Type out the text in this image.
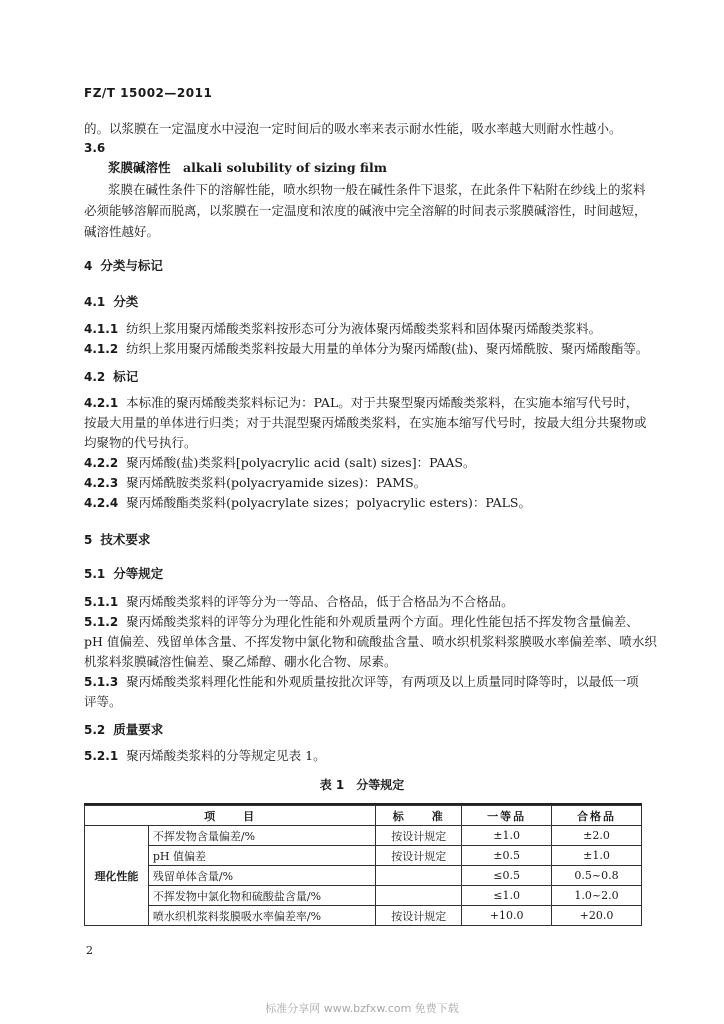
FZ/T 15002—2011
的。以浆膜在一定温度水中浸泡一定时间后的吸水率来表示耐水性能，吸水率越大则耐水性越小。
3.6
浆膜碱溶性　alkali solubility of sizing film
浆膜在碱性条件下的溶解性能，喷水织物一般在碱性条件下退浆，在此条件下粘附在纱线上的浆料
必须能够溶解而脱离，以浆膜在一定温度和浓度的碱液中完全溶解的时间表示浆膜碱溶性，时间越短，
碱溶性越好。
4 分类与标记
4.1 分类
4.1.1 纺织上浆用聚丙烯酸类浆料按形态可分为液体聚丙烯酸类浆料和固体聚丙烯酸类浆料。
4.1.2 纺织上浆用聚丙烯酸类浆料按最大用量的单体分为聚丙烯酸(盐)、聚丙烯酰胺、聚丙烯酸酯等。
4.2 标记
4.2.1 本标准的聚丙烯酸类浆料标记为：PAL。对于共聚型聚丙烯酸类浆料，在实施本缩写代号时，
按最大用量的单体进行归类；对于共混型聚丙烯酸类浆料，在实施本缩写代号时，按最大组分共聚物或
均聚物的代号执行。
4.2.2 聚丙烯酸(盐)类浆料[polyacrylic acid (salt) sizes]：PAAS。
4.2.3 聚丙烯酰胺类浆料(polyacryamide sizes)：PAMS。
4.2.4 聚丙烯酸酯类浆料(polyacrylate sizes；polyacrylic esters)：PALS。
5 技术要求
5.1 分等规定
5.1.1 聚丙烯酸类浆料的评等分为一等品、合格品，低于合格品为不合格品。
5.1.2 聚丙烯酸类浆料的评等分为理化性能和外观质量两个方面。理化性能包括不挥发物含量偏差、
pH 值偏差、残留单体含量、不挥发物中氯化物和硫酸盐含量、喷水织机浆料浆膜吸水率偏差率、喷水织
机浆料浆膜碱溶性偏差、聚乙烯醇、硼水化合物、尿素。
5.1.3 聚丙烯酸类浆料理化性能和外观质量按批次评等，有两项及以上质量同时降等时，以最低一项
评等。
5.2 质量要求
5.2.1 聚丙烯酸类浆料的分等规定见表 1。
表 1　分等规定
项　　目		标　　准	一等品	合格品
理化性能	不挥发物含量偏差/%	按设计规定	±1.0	±2.0
	pH 值偏差	按设计规定	±0.5	±1.0
	残留单体含量/%		≤0.5	0.5~0.8
	不挥发物中氯化物和硫酸盐含量/%		≤1.0	1.0~2.0
	喷水织机浆料浆膜吸水率偏差率/%	按设计规定	+10.0	+20.0
2
标准分享网 www.bzfxw.com 免费下载
